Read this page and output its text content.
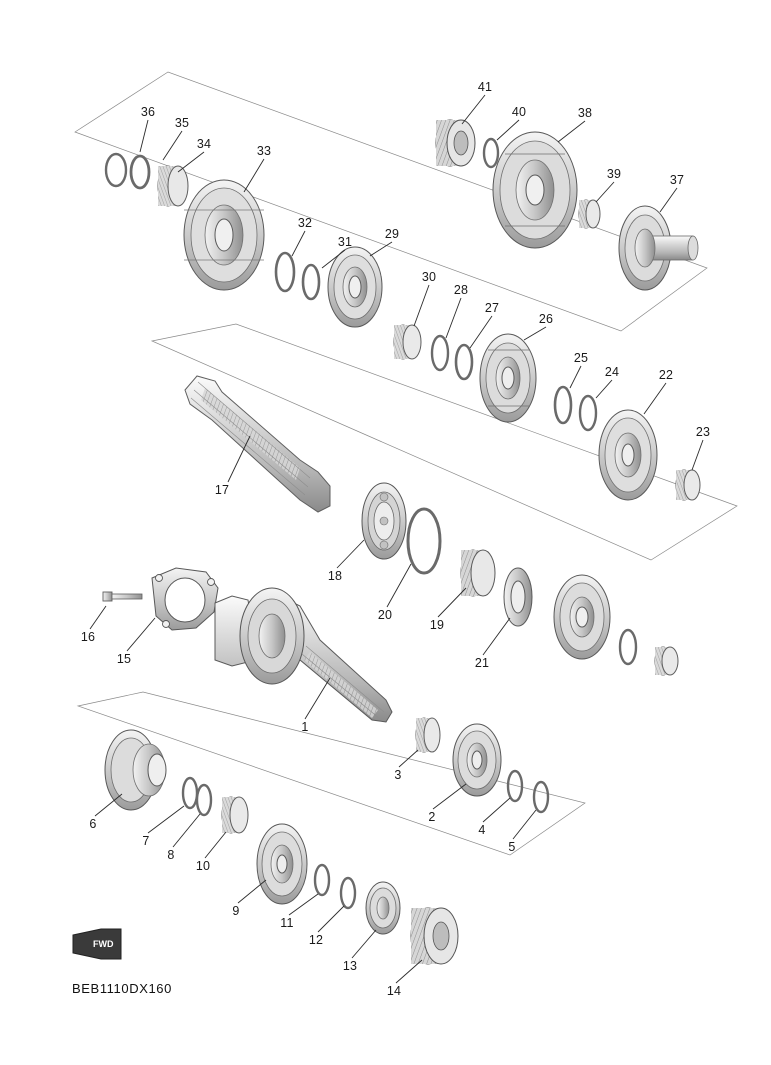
FWD
BEB1110DX160
36
35
34	33
32
31
29
30
28
27
26
25
24	22
23
41
40	38
39	37
17
18
20
19
21
16
15
1
3
2
4
5
6
7
8
10
9
11
12
13
14
